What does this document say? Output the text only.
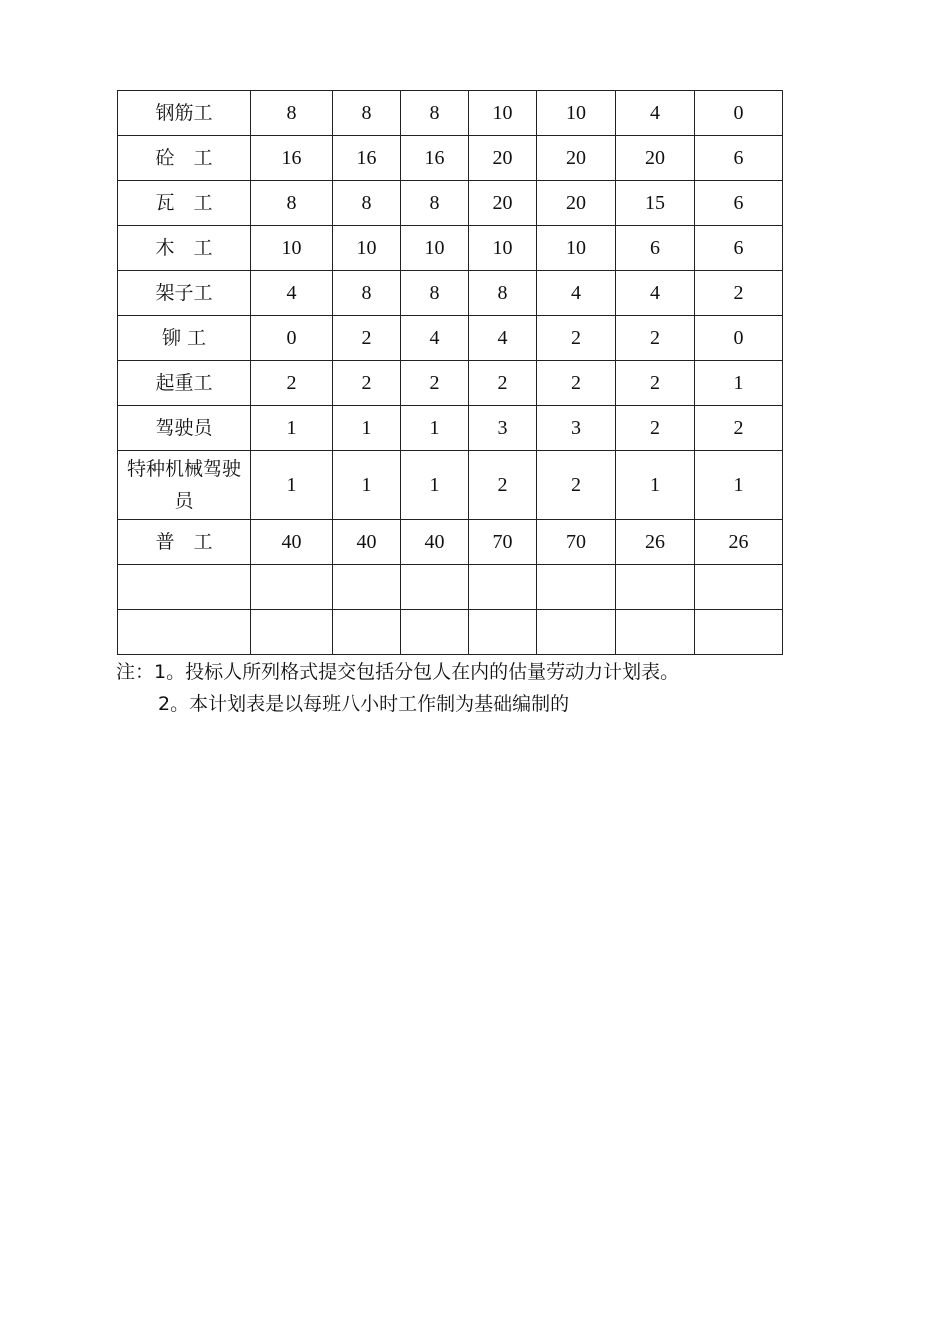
钢筋工	8	8	8	10	10	4	0
砼　工	16	16	16	20	20	20	6
瓦　工	8	8	8	20	20	15	6
木　工	10	10	10	10	10	6	6
架子工	4	8	8	8	4	4	2
铆 工	0	2	4	4	2	2	0
起重工	2	2	2	2	2	2	1
驾驶员	1	1	1	3	3	2	2
特种机械驾驶员	1	1	1	2	2	1	1
普　工	40	40	40	70	70	26	26

注：1。投标人所列格式提交包括分包人在内的估量劳动力计划表。
2。本计划表是以每班八小时工作制为基础编制的
